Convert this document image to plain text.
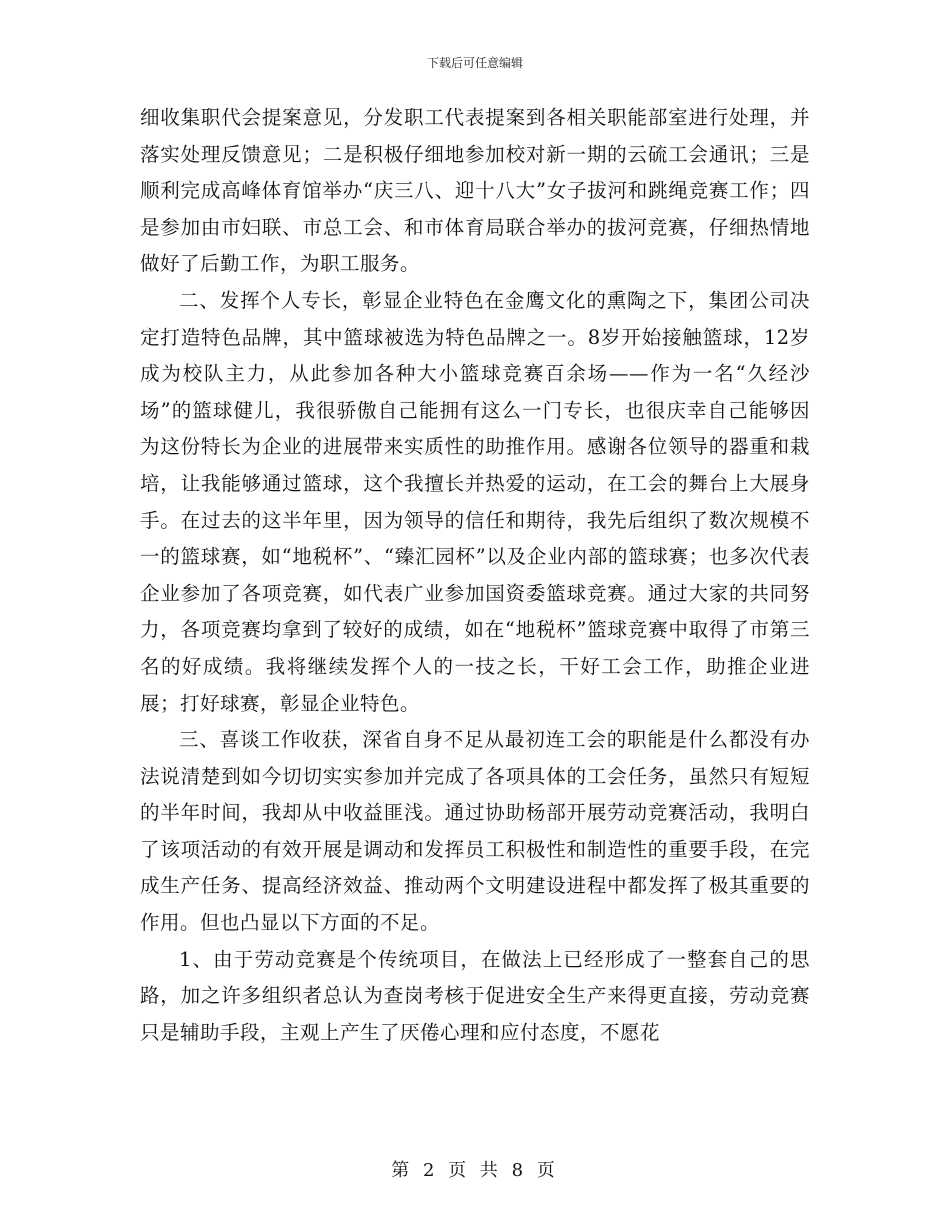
下载后可任意编辑

细收集职代会提案意见，分发职工代表提案到各相关职能部室进行处理，并落实处理反馈意见；二是积极仔细地参加校对新一期的云硫工会通讯；三是顺利完成高峰体育馆举办“庆三八、迎十八大”女子拔河和跳绳竞赛工作；四是参加由市妇联、市总工会、和市体育局联合举办的拔河竞赛，仔细热情地做好了后勤工作，为职工服务。

二、发挥个人专长，彰显企业特色在金鹰文化的熏陶之下，集团公司决定打造特色品牌，其中篮球被选为特色品牌之一。8岁开始接触篮球，12岁成为校队主力，从此参加各种大小篮球竞赛百余场——作为一名“久经沙场”的篮球健儿，我很骄傲自己能拥有这么一门专长，也很庆幸自己能够因为这份特长为企业的进展带来实质性的助推作用。感谢各位领导的器重和栽培，让我能够通过篮球，这个我擅长并热爱的运动，在工会的舞台上大展身手。在过去的这半年里，因为领导的信任和期待，我先后组织了数次规模不一的篮球赛，如“地税杯”、“臻汇园杯”以及企业内部的篮球赛；也多次代表企业参加了各项竞赛，如代表广业参加国资委篮球竞赛。通过大家的共同努力，各项竞赛均拿到了较好的成绩，如在“地税杯”篮球竞赛中取得了市第三名的好成绩。我将继续发挥个人的一技之长，干好工会工作，助推企业进展；打好球赛，彰显企业特色。

三、喜谈工作收获，深省自身不足从最初连工会的职能是什么都没有办法说清楚到如今切切实实参加并完成了各项具体的工会任务，虽然只有短短的半年时间，我却从中收益匪浅。通过协助杨部开展劳动竞赛活动，我明白了该项活动的有效开展是调动和发挥员工积极性和制造性的重要手段，在完成生产任务、提高经济效益、推动两个文明建设进程中都发挥了极其重要的作用。但也凸显以下方面的不足。

1、由于劳动竞赛是个传统项目，在做法上已经形成了一整套自己的思路，加之许多组织者总认为查岗考核于促进安全生产来得更直接，劳动竞赛只是辅助手段，主观上产生了厌倦心理和应付态度，不愿花

第 2 页 共 8 页
